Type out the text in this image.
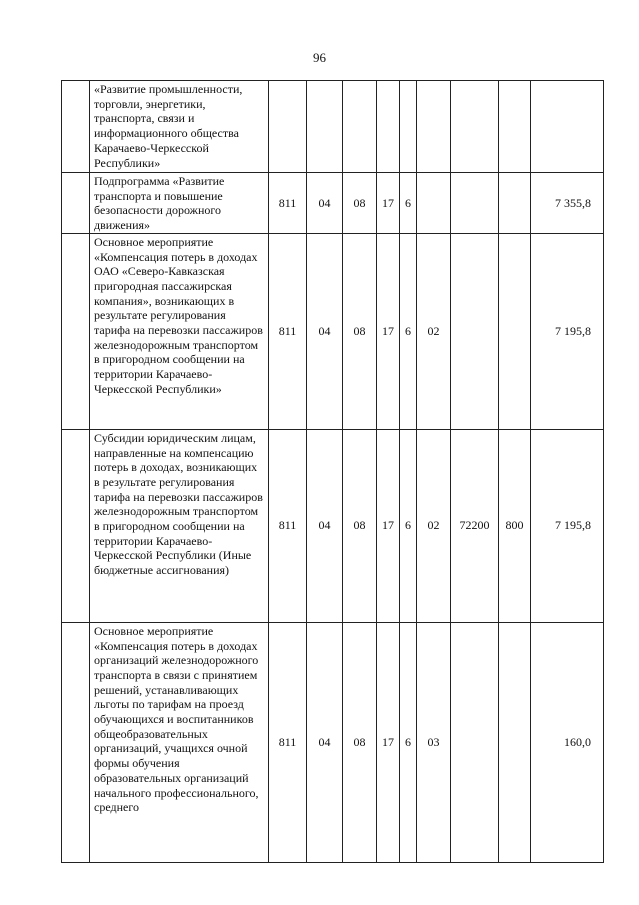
96
	«Развитие промышленности, торговли, энергетики, транспорта, связи и информационного общества Карачаево-Черкесской Республики»									
	Подпрограмма «Развитие транспорта и повышение безопасности дорожного движения»	811	04	08	17	6				7 355,8
	Основное мероприятие «Компенсация потерь в доходах ОАО «Северо-Кавказская пригородная пассажирская компания», возникающих в результате регулирования тарифа на перевозки пассажиров железнодорожным транспортом в пригородном сообщении на территории Карачаево-Черкесской Республики»	811	04	08	17	6	02			7 195,8
	Субсидии юридическим лицам, направленные на компенсацию потерь в доходах, возникающих в результате регулирования тарифа на перевозки пассажиров железнодорожным транспортом в пригородном сообщении на территории Карачаево-Черкесской Республики (Иные бюджетные ассигнования)	811	04	08	17	6	02	72200	800	7 195,8
	Основное мероприятие «Компенсация потерь в доходах организаций железнодорожного транспорта в связи с принятием решений, устанавливающих льготы по тарифам на проезд обучающихся и воспитанников общеобразовательных организаций, учащихся очной формы обучения образовательных организаций начального профессионального, среднего	811	04	08	17	6	03			160,0
